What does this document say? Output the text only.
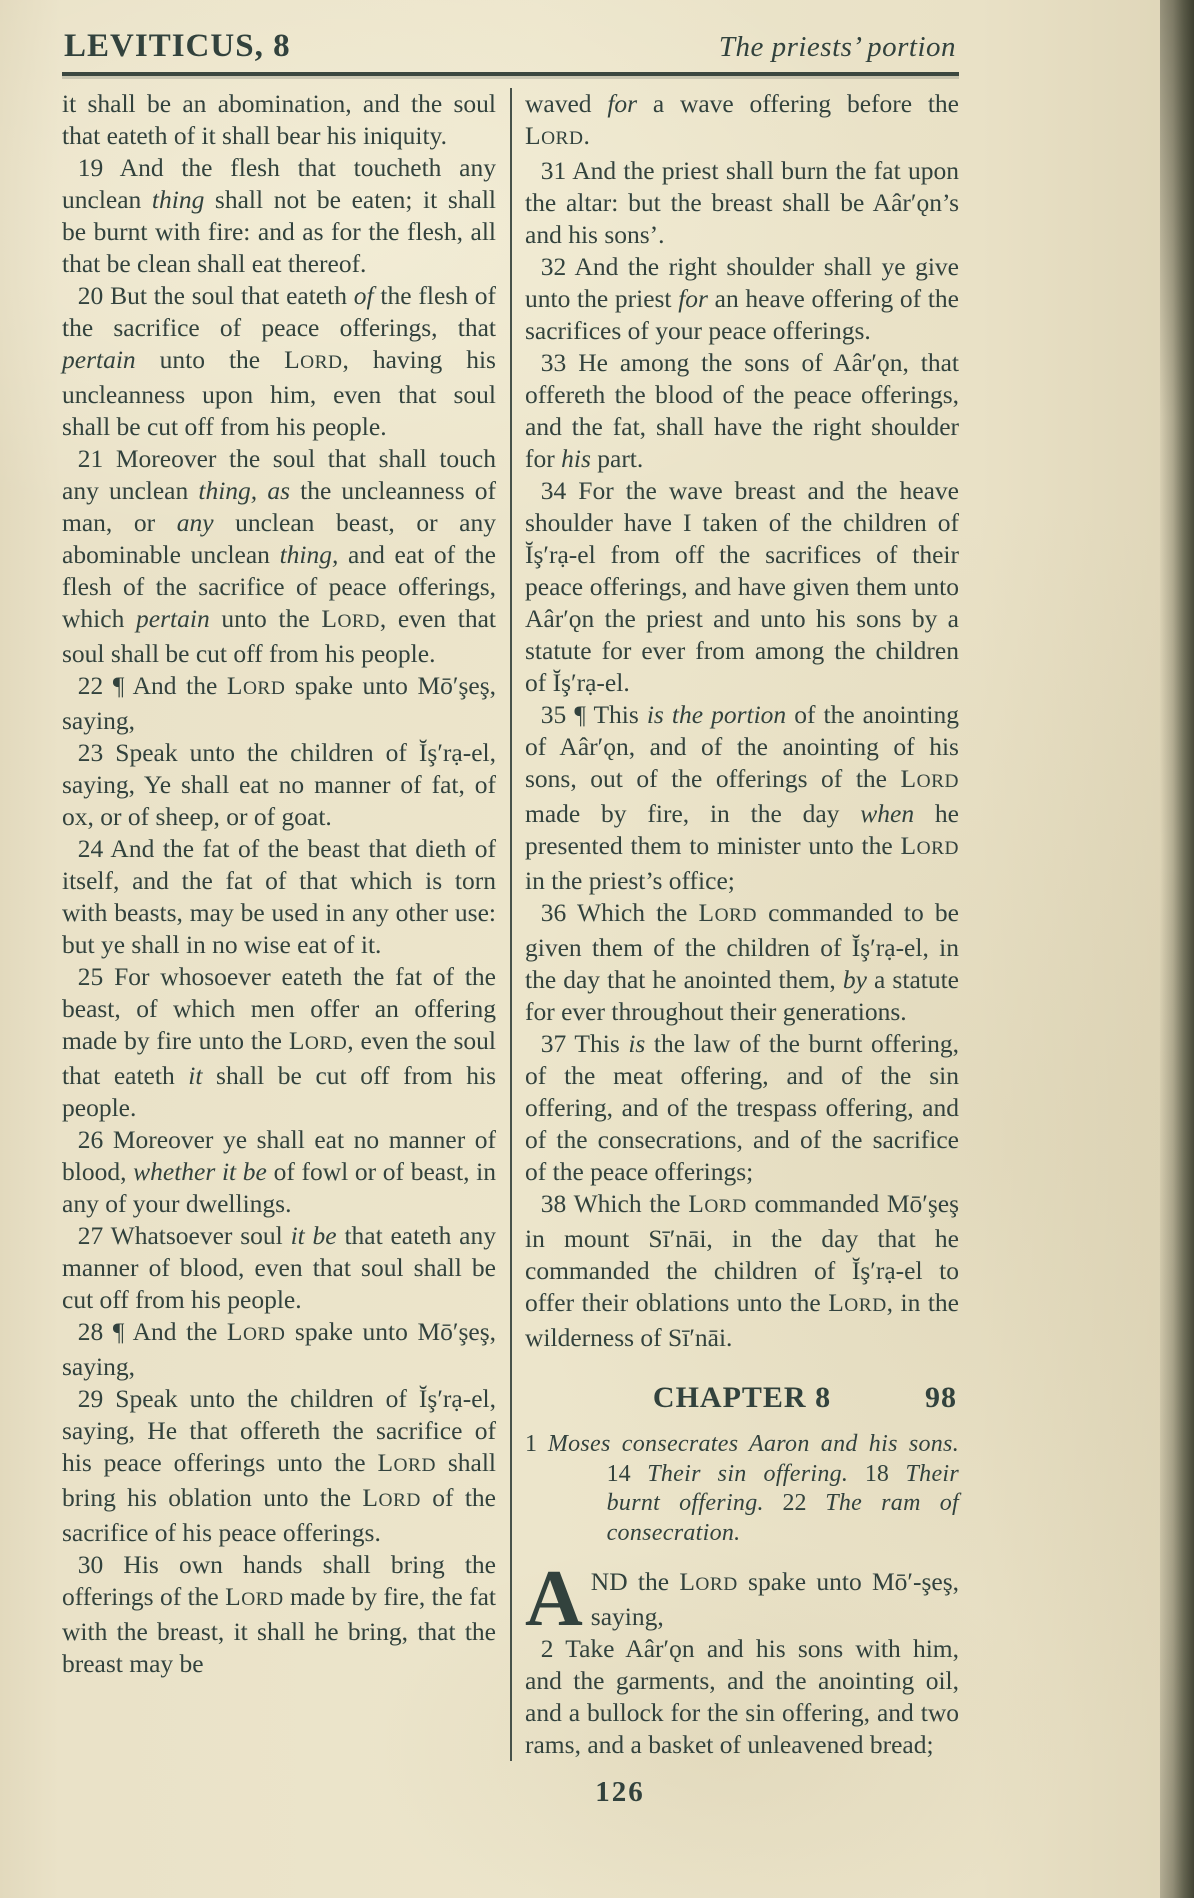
LEVITICUS, 8	The priests’ portion

it shall be an abomination, and the soul that eateth of it shall bear his iniquity.

19 And the flesh that toucheth any unclean thing shall not be eaten; it shall be burnt with fire: and as for the flesh, all that be clean shall eat thereof.

20 But the soul that eateth of the flesh of the sacrifice of peace offerings, that pertain unto the LORD, having his uncleanness upon him, even that soul shall be cut off from his people.

21 Moreover the soul that shall touch any unclean thing, as the uncleanness of man, or any unclean beast, or any abominable unclean thing, and eat of the flesh of the sacrifice of peace offerings, which pertain unto the LORD, even that soul shall be cut off from his people.

22 ¶ And the LORD spake unto Mō′şeş, saying,

23 Speak unto the children of Ĭş′rạ-el, saying, Ye shall eat no manner of fat, of ox, or of sheep, or of goat.

24 And the fat of the beast that dieth of itself, and the fat of that which is torn with beasts, may be used in any other use: but ye shall in no wise eat of it.

25 For whosoever eateth the fat of the beast, of which men offer an offering made by fire unto the LORD, even the soul that eateth it shall be cut off from his people.

26 Moreover ye shall eat no manner of blood, whether it be of fowl or of beast, in any of your dwellings.

27 Whatsoever soul it be that eateth any manner of blood, even that soul shall be cut off from his people.

28 ¶ And the LORD spake unto Mō′şeş, saying,

29 Speak unto the children of Ĭş′rạ-el, saying, He that offereth the sacrifice of his peace offerings unto the LORD shall bring his oblation unto the LORD of the sacrifice of his peace offerings.

30 His own hands shall bring the offerings of the LORD made by fire, the fat with the breast, it shall he bring, that the breast may be

waved for a wave offering before the LORD.

31 And the priest shall burn the fat upon the altar: but the breast shall be Aâr′ǫn’s and his sons’.

32 And the right shoulder shall ye give unto the priest for an heave offering of the sacrifices of your peace offerings.

33 He among the sons of Aâr′ǫn, that offereth the blood of the peace offerings, and the fat, shall have the right shoulder for his part.

34 For the wave breast and the heave shoulder have I taken of the children of Ĭş′rạ-el from off the sacrifices of their peace offerings, and have given them unto Aâr′ǫn the priest and unto his sons by a statute for ever from among the children of Ĭş′rạ-el.

35 ¶ This is the portion of the anointing of Aâr′ǫn, and of the anointing of his sons, out of the offerings of the LORD made by fire, in the day when he presented them to minister unto the LORD in the priest’s office;

36 Which the LORD commanded to be given them of the children of Ĭş′rạ-el, in the day that he anointed them, by a statute for ever throughout their generations.

37 This is the law of the burnt offering, of the meat offering, and of the sin offering, and of the trespass offering, and of the consecrations, and of the sacrifice of the peace offerings;

38 Which the LORD commanded Mō′şeş in mount Sī′nāi, in the day that he commanded the children of Ĭş′rạ-el to offer their oblations unto the LORD, in the wilderness of Sī′nāi.

CHAPTER 8	98

1 Moses consecrates Aaron and his sons. 14 Their sin offering. 18 Their burnt offering. 22 The ram of consecration.

AND the LORD spake unto Mō′-şeş, saying,

2 Take Aâr′ǫn and his sons with him, and the garments, and the anointing oil, and a bullock for the sin offering, and two rams, and a basket of unleavened bread;

126
